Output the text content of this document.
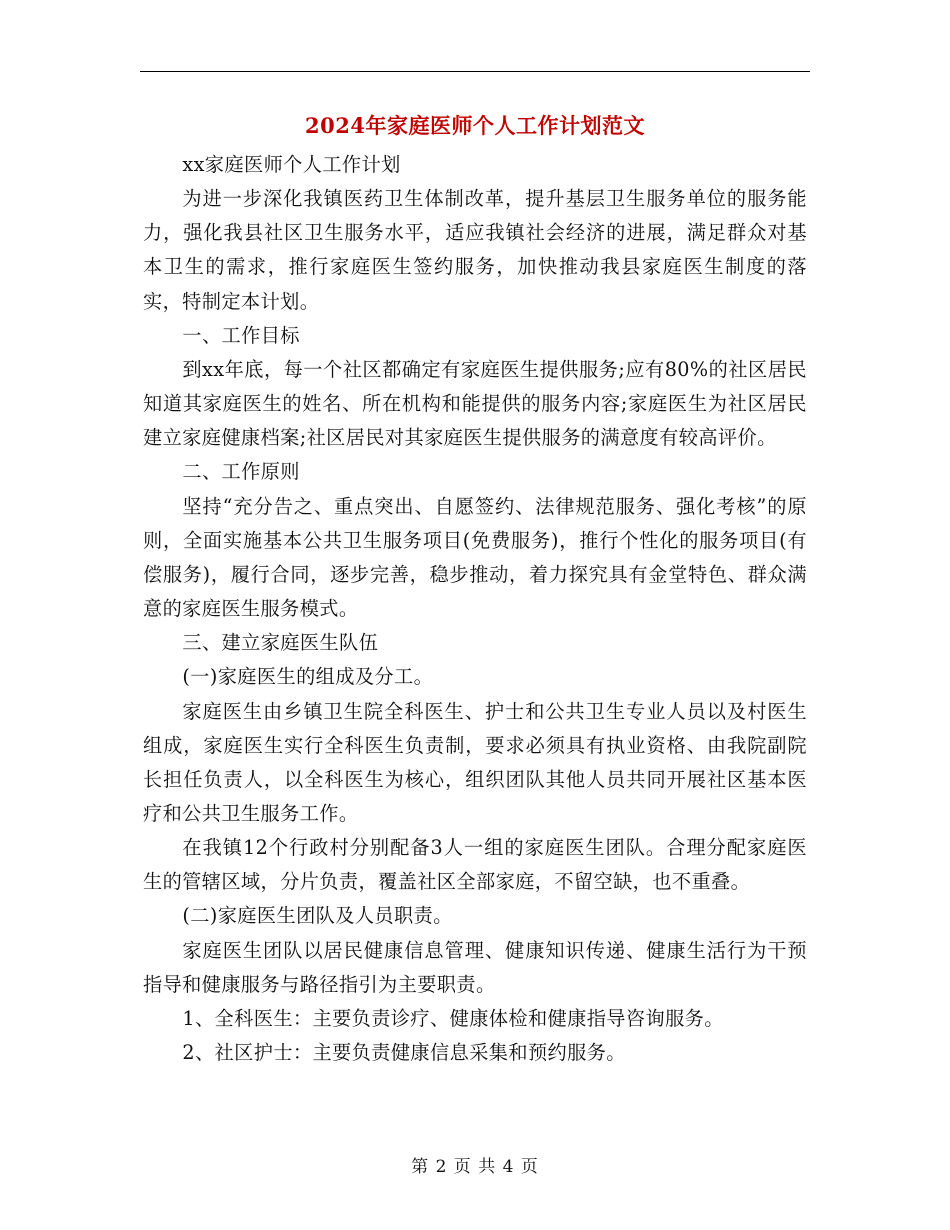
2024年家庭医师个人工作计划范文

xx家庭医师个人工作计划

为进一步深化我镇医药卫生体制改革，提升基层卫生服务单位的服务能力，强化我县社区卫生服务水平，适应我镇社会经济的进展，满足群众对基本卫生的需求，推行家庭医生签约服务，加快推动我县家庭医生制度的落实，特制定本计划。

一、工作目标

到xx年底，每一个社区都确定有家庭医生提供服务;应有80%的社区居民知道其家庭医生的姓名、所在机构和能提供的服务内容;家庭医生为社区居民建立家庭健康档案;社区居民对其家庭医生提供服务的满意度有较高评价。

二、工作原则

坚持“充分告之、重点突出、自愿签约、法律规范服务、强化考核”的原则，全面实施基本公共卫生服务项目(免费服务)，推行个性化的服务项目(有偿服务)，履行合同，逐步完善，稳步推动，着力探究具有金堂特色、群众满意的家庭医生服务模式。

三、建立家庭医生队伍

(一)家庭医生的组成及分工。

家庭医生由乡镇卫生院全科医生、护士和公共卫生专业人员以及村医生组成，家庭医生实行全科医生负责制，要求必须具有执业资格、由我院副院长担任负责人，以全科医生为核心，组织团队其他人员共同开展社区基本医疗和公共卫生服务工作。

在我镇12个行政村分别配备3人一组的家庭医生团队。合理分配家庭医生的管辖区域，分片负责，覆盖社区全部家庭，不留空缺，也不重叠。

(二)家庭医生团队及人员职责。

家庭医生团队以居民健康信息管理、健康知识传递、健康生活行为干预指导和健康服务与路径指引为主要职责。

1、全科医生：主要负责诊疗、健康体检和健康指导咨询服务。

2、社区护士：主要负责健康信息采集和预约服务。

第 2 页 共 4 页
